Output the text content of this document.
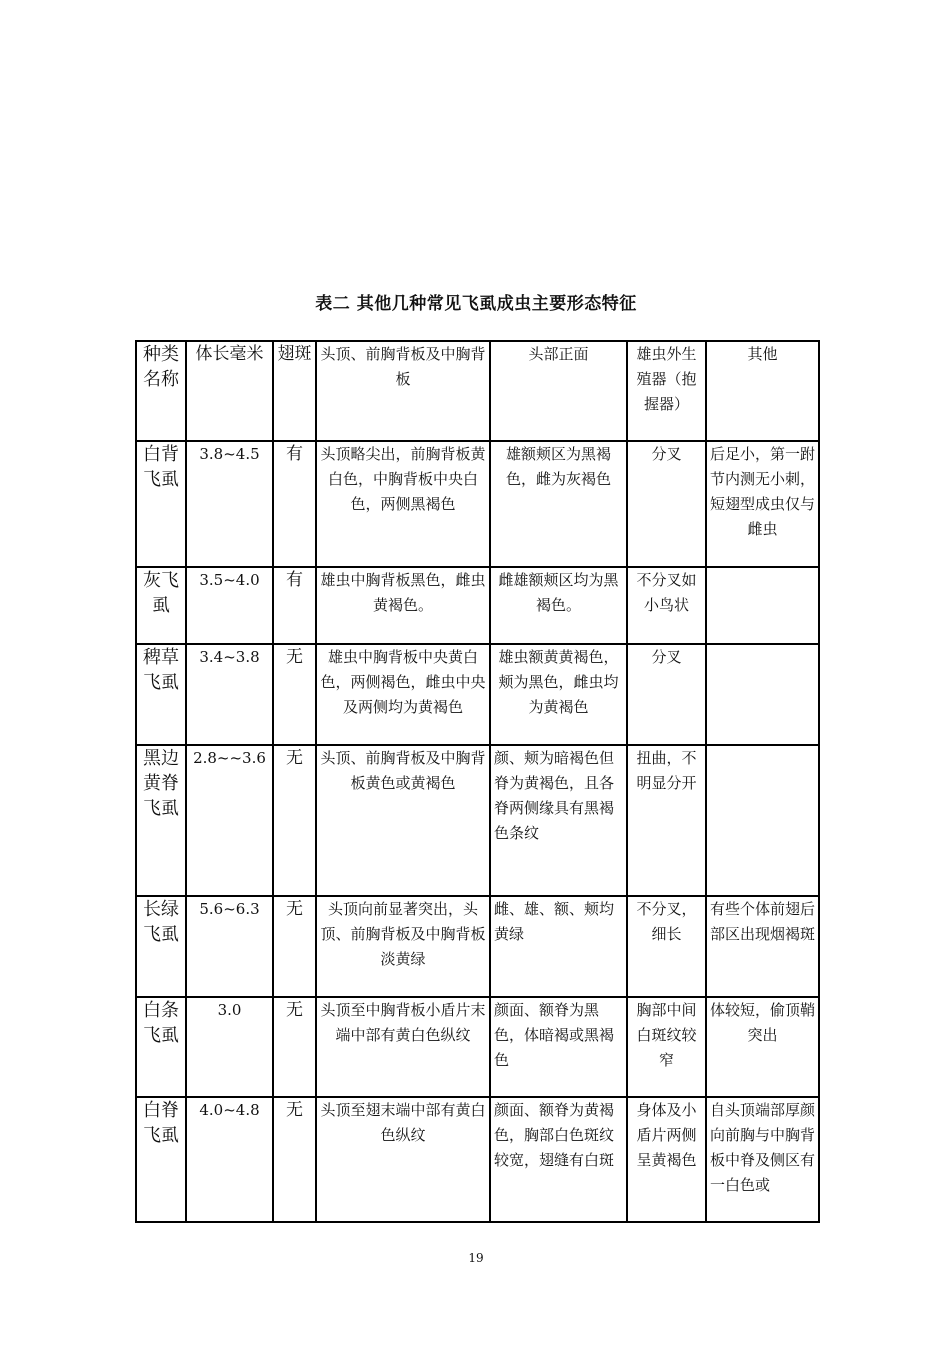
表二 其他几种常见飞虱成虫主要形态特征
种类名称	体长毫米	翅斑	头顶、前胸背板及中胸背板	头部正面	雄虫外生殖器（抱握器）	其他
白背飞虱	3.8~4.5	有	头顶略尖出，前胸背板黄白色，中胸背板中央白色，两侧黑褐色	雄额颊区为黑褐色，雌为灰褐色	分叉	后足小，第一跗节内测无小刺，短翅型成虫仅与雌虫
灰飞虱	3.5~4.0	有	雄虫中胸背板黑色，雌虫黄褐色。	雌雄额颊区均为黑褐色。	不分叉如小鸟状	
稗草飞虱	3.4~3.8	无	雄虫中胸背板中央黄白色，两侧褐色，雌虫中央及两侧均为黄褐色	雄虫额黄黄褐色，颊为黑色，雌虫均为黄褐色	分叉	
黑边黄脊飞虱	2.8~~3.6	无	头顶、前胸背板及中胸背板黄色或黄褐色	颜、颊为暗褐色但脊为黄褐色，且各脊两侧缘具有黑褐色条纹	扭曲，不明显分开	
长绿飞虱	5.6~6.3	无	头顶向前显著突出，头顶、前胸背板及中胸背板淡黄绿	雌、雄、额、颊均黄绿	不分叉，细长	有些个体前翅后部区出现烟褐斑
白条飞虱	3.0	无	头顶至中胸背板小盾片末端中部有黄白色纵纹	颜面、额脊为黑色，体暗褐或黑褐色	胸部中间白斑纹较窄	体较短，偷顶鞘突出
白脊飞虱	4.0~4.8	无	头顶至翅末端中部有黄白色纵纹	颜面、额脊为黄褐色，胸部白色斑纹较宽，翅缝有白斑	身体及小盾片两侧呈黄褐色	自头顶端部厚颜向前胸与中胸背板中脊及侧区有一白色或
19
